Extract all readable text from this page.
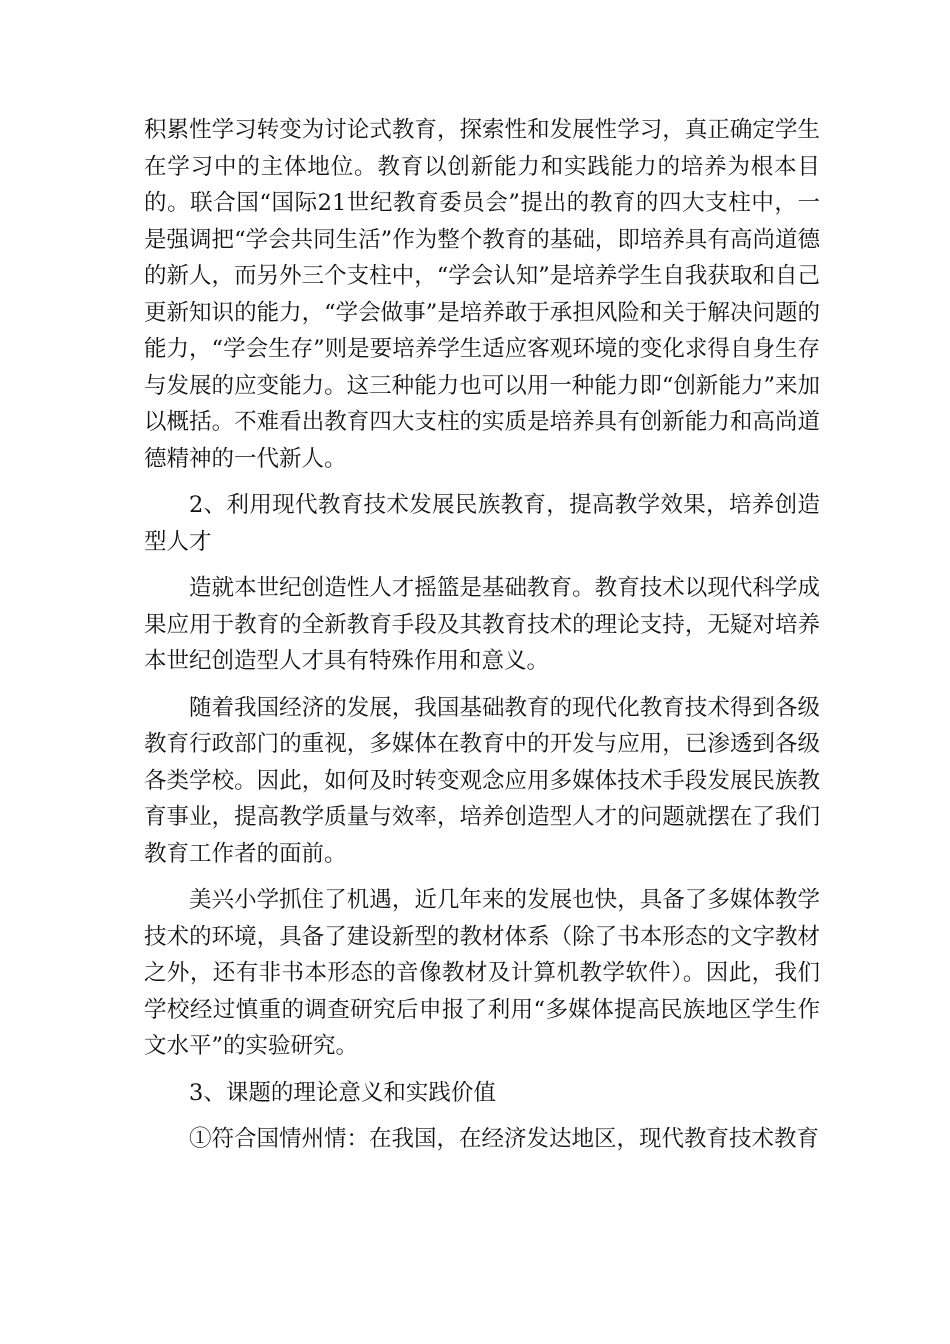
积累性学习转变为讨论式教育，探索性和发展性学习，真正确定学生在学习中的主体地位。教育以创新能力和实践能力的培养为根本目的。联合国“国际21世纪教育委员会”提出的教育的四大支柱中，一是强调把“学会共同生活”作为整个教育的基础，即培养具有高尚道德的新人，而另外三个支柱中，“学会认知”是培养学生自我获取和自己更新知识的能力，“学会做事”是培养敢于承担风险和关于解决问题的能力，“学会生存”则是要培养学生适应客观环境的变化求得自身生存与发展的应变能力。这三种能力也可以用一种能力即“创新能力”来加以概括。不难看出教育四大支柱的实质是培养具有创新能力和高尚道德精神的一代新人。

2、利用现代教育技术发展民族教育，提高教学效果，培养创造型人才

造就本世纪创造性人才摇篮是基础教育。教育技术以现代科学成果应用于教育的全新教育手段及其教育技术的理论支持，无疑对培养本世纪创造型人才具有特殊作用和意义。

随着我国经济的发展，我国基础教育的现代化教育技术得到各级教育行政部门的重视，多媒体在教育中的开发与应用，已渗透到各级各类学校。因此，如何及时转变观念应用多媒体技术手段发展民族教育事业，提高教学质量与效率，培养创造型人才的问题就摆在了我们教育工作者的面前。

美兴小学抓住了机遇，近几年来的发展也快，具备了多媒体教学技术的环境，具备了建设新型的教材体系（除了书本形态的文字教材之外，还有非书本形态的音像教材及计算机教学软件）。因此，我们学校经过慎重的调查研究后申报了利用“多媒体提高民族地区学生作文水平”的实验研究。

3、课题的理论意义和实践价值

①符合国情州情：在我国，在经济发达地区，现代教育技术教育
